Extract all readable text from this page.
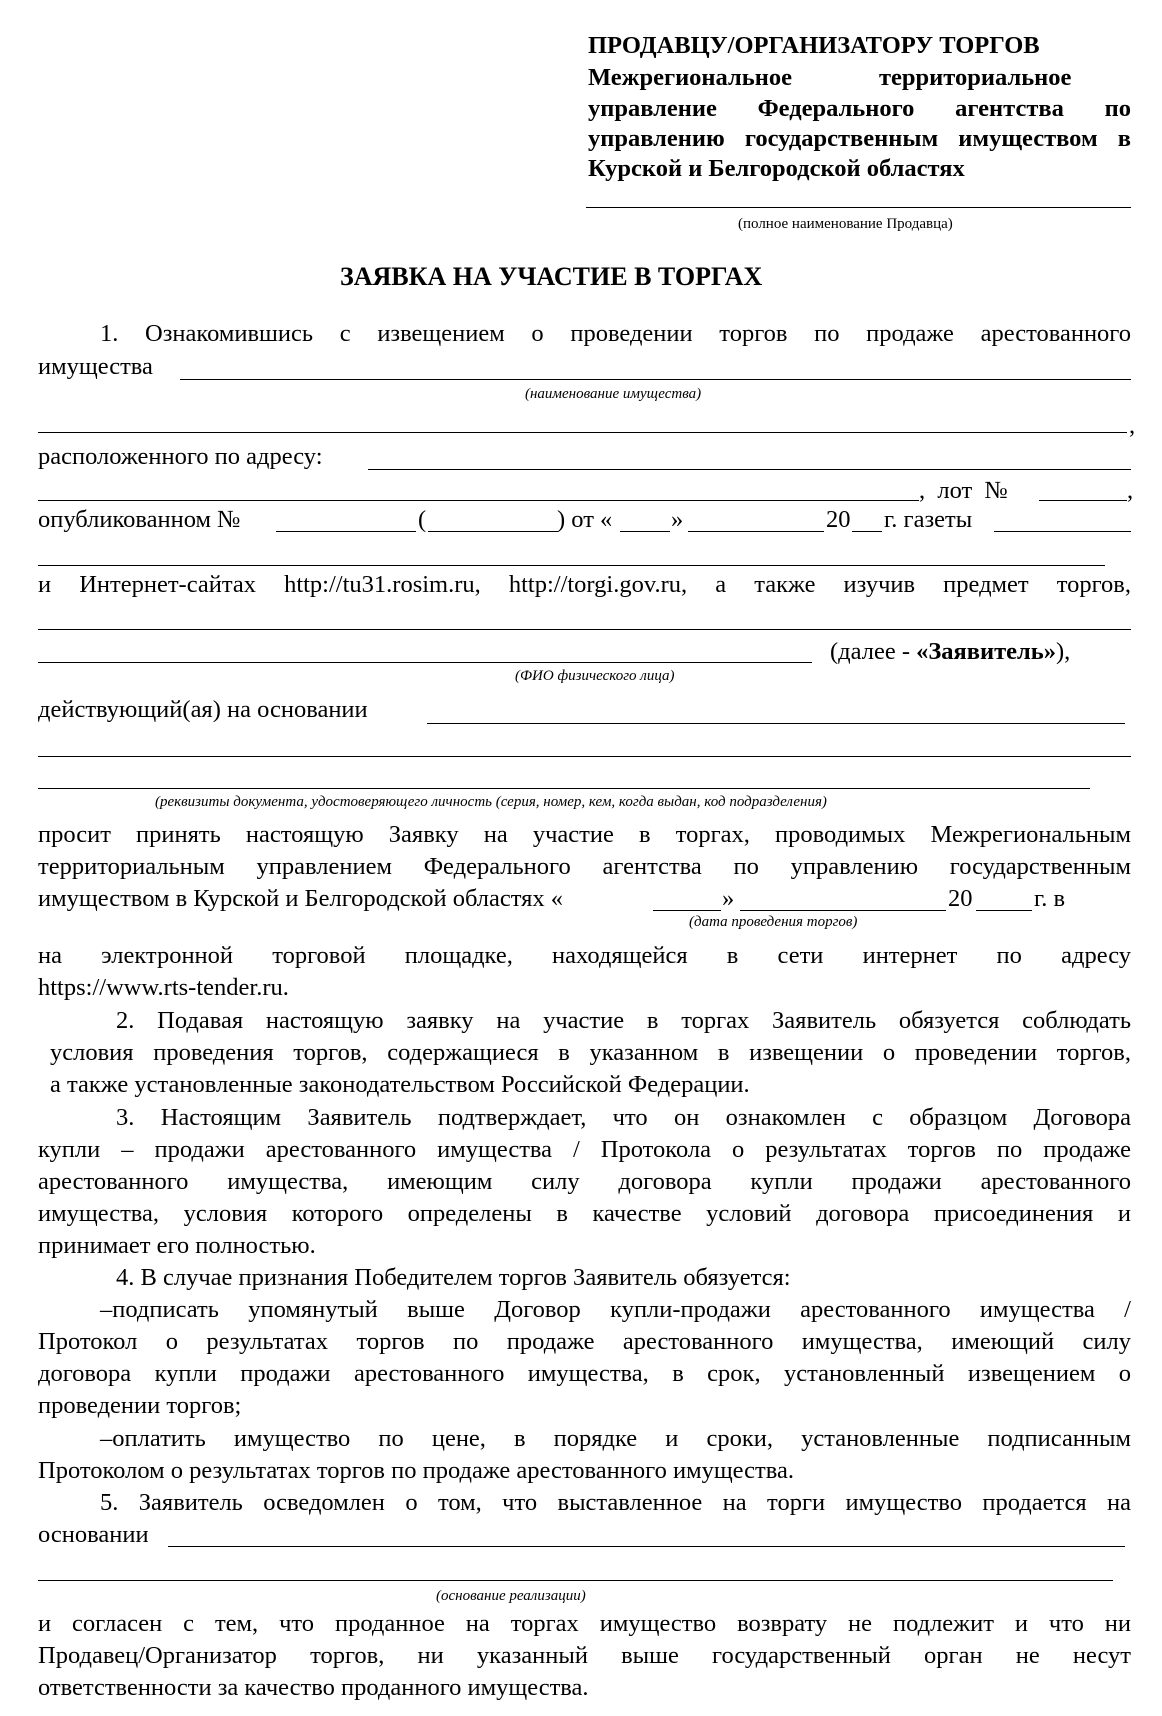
ПРОДАВЦУ/ОРГАНИЗАТОРУ ТОРГОВ
Межрегиональное	территориальное
управление Федерального агентства по
управлению государственным имуществом в
Курской и Белгородской областях
(полное наименование Продавца)
ЗАЯВКА НА УЧАСТИЕ В ТОРГАХ
1. Ознакомившись с извещением о проведении торгов по продаже арестованного
имущества
(наименование имущества)
,
расположенного по адресу:
,  лот  №	,
опубликованном №	(	) от « »	20 г. газеты
и Интернет-сайтах http://tu31.rosim.ru, http://torgi.gov.ru, а также изучив предмет торгов,
(далее - «Заявитель»),
(ФИО физического лица)
действующий(ая) на основании
(реквизиты документа, удостоверяющего личность (серия, номер, кем, когда выдан, код подразделения)
просит принять настоящую Заявку на участие в торгах, проводимых Межрегиональным
территориальным управлением Федерального агентства по управлению государственным
имуществом в Курской и Белгородской областях «	»	20	г. в
(дата проведения торгов)
на электронной торговой площадке, находящейся в сети интернет по адресу
https://www.rts-tender.ru.
2. Подавая настоящую заявку на участие в торгах Заявитель обязуется соблюдать
условия проведения торгов, содержащиеся в указанном в извещении о проведении торгов,
а также установленные законодательством Российской Федерации.
3. Настоящим Заявитель подтверждает, что он ознакомлен с образцом Договора
купли – продажи арестованного имущества / Протокола о результатах торгов по продаже
арестованного имущества, имеющим силу договора купли продажи арестованного
имущества, условия которого определены в качестве условий договора присоединения и
принимает его полностью.
4. В случае признания Победителем торгов Заявитель обязуется:
–подписать упомянутый выше Договор купли-продажи арестованного имущества /
Протокол о результатах торгов по продаже арестованного имущества, имеющий силу
договора купли продажи арестованного имущества, в срок, установленный извещением о
проведении торгов;
–оплатить имущество по цене, в порядке и сроки, установленные подписанным
Протоколом о результатах торгов по продаже арестованного имущества.
5. Заявитель осведомлен о том, что выставленное на торги имущество продается на
основании
(основание реализации)
и согласен с тем, что проданное на торгах имущество возврату не подлежит и что ни
Продавец/Организатор торгов, ни указанный выше государственный орган не несут
ответственности за качество проданного имущества.
